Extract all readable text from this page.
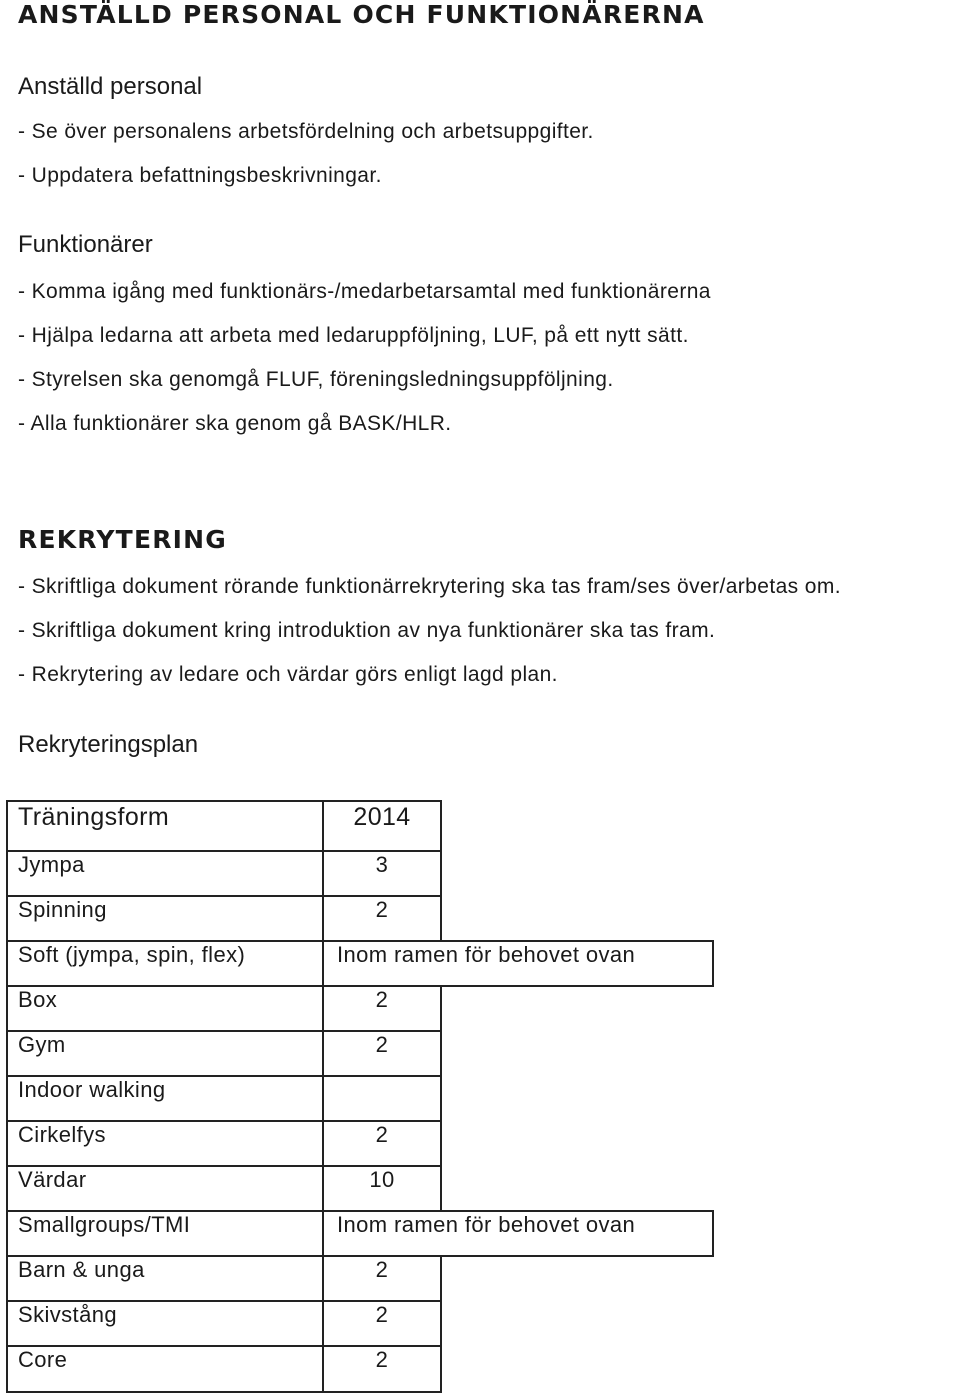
ANSTÄLLD PERSONAL OCH FUNKTIONÄRERNA
Anställd personal

- Se över personalens arbetsfördelning och arbetsuppgifter.

- Uppdatera befattningsbeskrivningar.

Funktionärer

- Komma igång med funktionärs-/medarbetarsamtal med funktionärerna

- Hjälpa ledarna att arbeta med ledaruppföljning, LUF, på ett nytt sätt.

- Styrelsen ska genomgå FLUF, föreningsledningsuppföljning.

- Alla funktionärer ska genom gå BASK/HLR.

REKRYTERING

- Skriftliga dokument rörande funktionärrekrytering ska tas fram/ses över/arbetas om.

- Skriftliga dokument kring introduktion av nya funktionärer ska tas fram.

- Rekrytering av ledare och värdar görs enligt lagd plan.

Rekryteringsplan
Träningsform	2014
Jympa	3
Spinning	2
Soft (jympa, spin, flex)	Inom ramen för behovet ovan
Box	2
Gym	2
Indoor walking
Cirkelfys	2
Värdar	10
Smallgroups/TMI	Inom ramen för behovet ovan
Barn & unga	2
Skivstång	2
Core	2
